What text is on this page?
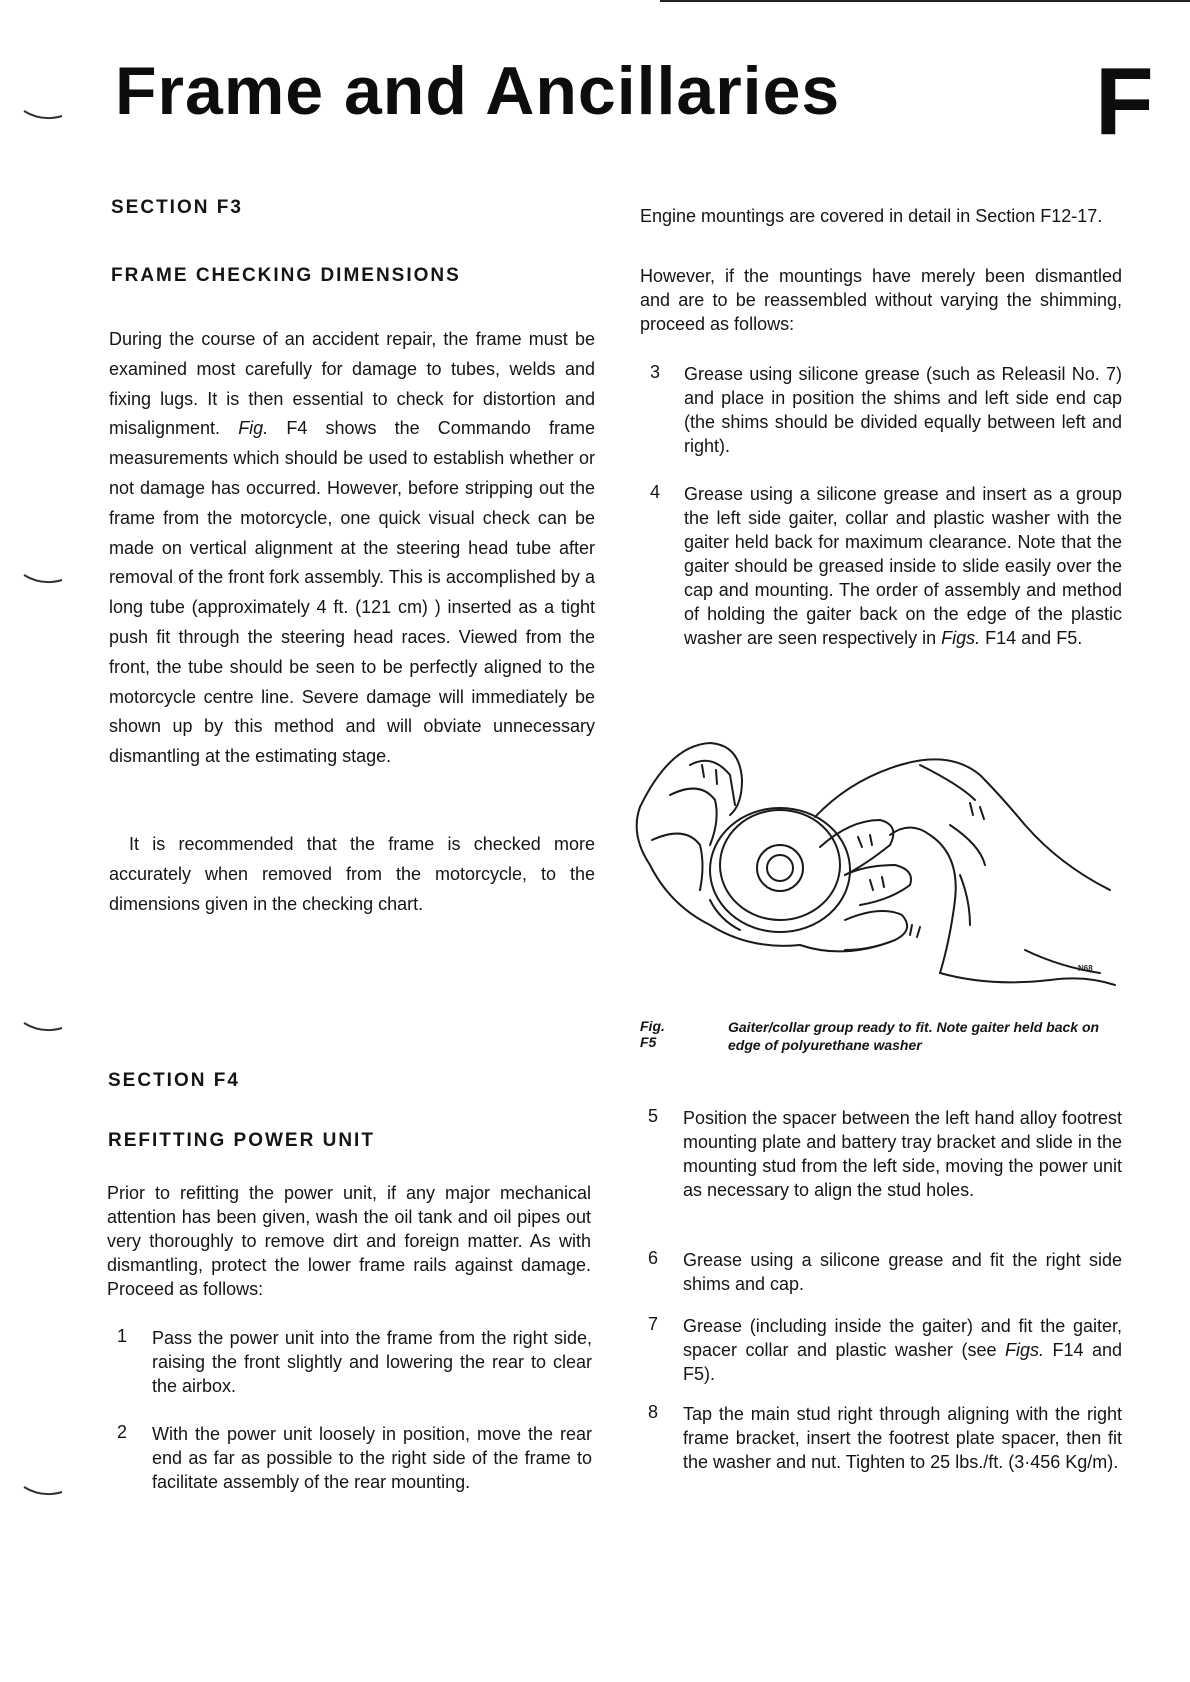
Frame and Ancillaries	F
SECTION F3
FRAME CHECKING DIMENSIONS

During the course of an accident repair, the frame must be examined most carefully for damage to tubes, welds and fixing lugs. It is then essential to check for distortion and misalignment. Fig. F4 shows the Commando frame measurements which should be used to establish whether or not damage has occurred. However, before stripping out the frame from the motorcycle, one quick visual check can be made on vertical alignment at the steering head tube after removal of the front fork assembly. This is accomplished by a long tube (approximately 4 ft. (121 cm) ) inserted as a tight push fit through the steering head races. Viewed from the front, the tube should be seen to be perfectly aligned to the motorcycle centre line. Severe damage will immediately be shown up by this method and will obviate unnecessary dismantling at the estimating stage.

It is recommended that the frame is checked more accurately when removed from the motorcycle, to the dimensions given in the checking chart.

SECTION F4
REFITTING POWER UNIT

Prior to refitting the power unit, if any major mechanical attention has been given, wash the oil tank and oil pipes out very thoroughly to remove dirt and foreign matter. As with dismantling, protect the lower frame rails against damage. Proceed as follows:

1 Pass the power unit into the frame from the right side, raising the front slightly and lowering the rear to clear the airbox.

2 With the power unit loosely in position, move the rear end as far as possible to the right side of the frame to facilitate assembly of the rear mounting.

Engine mountings are covered in detail in Section F12-17.

However, if the mountings have merely been dismantled and are to be reassembled without varying the shimming, proceed as follows:

3 Grease using silicone grease (such as Releasil No. 7) and place in position the shims and left side end cap (the shims should be divided equally between left and right).

4 Grease using a silicone grease and insert as a group the left side gaiter, collar and plastic washer with the gaiter held back for maximum clearance. Note that the gaiter should be greased inside to slide easily over the cap and mounting. The order of assembly and method of holding the gaiter back on the edge of the plastic washer are seen respectively in Figs. F14 and F5.

N68
Fig. F5
Gaiter/collar group ready to fit. Note gaiter held back on edge of polyurethane washer
5 Position the spacer between the left hand alloy footrest mounting plate and battery tray bracket and slide in the mounting stud from the left side, moving the power unit as necessary to align the stud holes.

6 Grease using a silicone grease and fit the right side shims and cap.

7 Grease (including inside the gaiter) and fit the gaiter, spacer collar and plastic washer (see Figs. F14 and F5).

8 Tap the main stud right through aligning with the right frame bracket, insert the footrest plate spacer, then fit the washer and nut. Tighten to 25 lbs./ft. (3·456 Kg/m).
